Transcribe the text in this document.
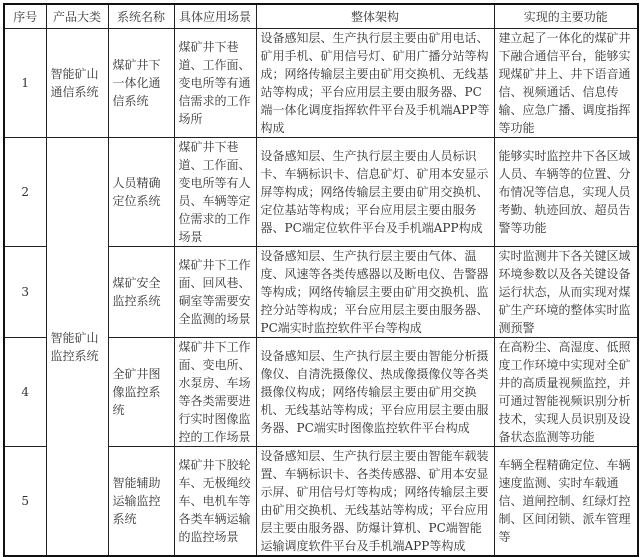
序号	产品大类	系统名称	具体应用场景	整体架构	实现的主要功能
1	智能矿山通信系统	煤矿井下一体化通信系统	煤矿井下巷道、工作面、变电所等有通信需求的工作场所	设备感知层、生产执行层主要由矿用电话、矿用手机、矿用信号灯、矿用广播分站等构成；网络传输层主要由矿用交换机、无线基站等构成；平台应用层主要由服务器、PC端一体化调度指挥软件平台及手机端APP等构成	建立起了一体化的煤矿井下融合通信平台，能够实现煤矿井上、井下语音通信、视频通话、信息传输、应急广播、调度指挥等功能
2	智能矿山监控系统	人员精确定位系统	煤矿井下巷道、工作面、变电所等有人员、车辆等定位需求的工作场景	设备感知层、生产执行层主要由人员标识卡、车辆标识卡、信息矿灯、矿用本安显示屏等构成；网络传输层主要由矿用交换机、定位基站等构成；平台应用层主要由服务器、PC端定位软件平台及手机端APP构成	能够实时监控井下各区域人员、车辆等的位置、分布情况等信息，实现人员考勤、轨迹回放、超员告警等功能
3		煤矿安全监控系统	煤矿井下工作面、回风巷、硐室等需要安全监测的场景	设备感知层、生产执行层主要由气体、温度、风速等各类传感器以及断电仪、告警器等构成；网络传输层主要由矿用交换机、监控分站等构成；平台应用层主要由服务器、PC端实时监控软件平台等构成	实时监测井下各关键区域环境参数以及各关键设备运行状态，从而实现对煤矿生产环境的整体实时监测预警
4		全矿井图像监控系统	煤矿井下工作面、变电所、水泵房、车场等各类需要进行实时图像监控的工作场景	设备感知层、生产执行层主要由智能分析摄像仪、自清洗摄像仪、热成像摄像仪等各类摄像仪构成；网络传输层主要由矿用交换机、无线基站等构成；平台应用层主要由服务器、PC端实时图像监控软件平台构成	在高粉尘、高湿度、低照度工作环境中实现对全矿井的高质量视频监控，并可通过智能视频识别分析技术，实现人员识别及设备状态监测等功能
5		智能辅助运输监控系统	煤矿井下胶轮车、无极绳绞车、电机车等各类车辆运输的监控场景	设备感知层、生产执行层主要由智能车载装置、车辆标识卡、各类传感器、矿用本安显示屏、矿用信号灯等构成；网络传输层主要由矿用交换机、无线基站等构成；平台应用层主要由服务器、防爆计算机、PC端智能运输调度软件平台及手机端APP等构成	车辆全程精确定位、车辆速度监测、实时车载通信、道闸控制、红绿灯控制、区间闭锁、派车管理等
